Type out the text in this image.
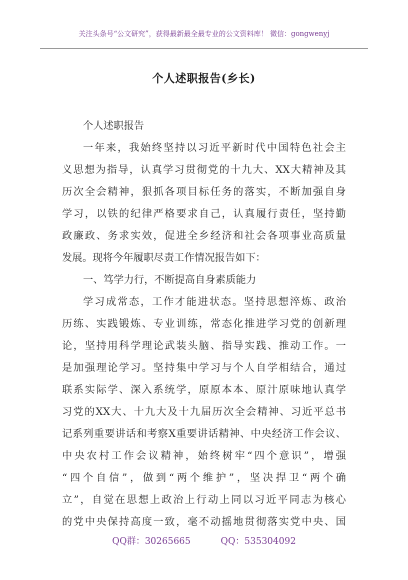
关注头条号“公文研究”，获得最新最全最专业的公文资料库！ 微信：gongwenyj
个人述职报告(乡长)
个人述职报告
一年来，我始终坚持以习近平新时代中国特色社会主
义思想为指导，认真学习贯彻党的十九大、XX大精神及其
历次全会精神，狠抓各项目标任务的落实，不断加强自身
学习，以铁的纪律严格要求自己，认真履行责任，坚持勤
政廉政、务求实效，促进全乡经济和社会各项事业高质量
发展。现将今年履职尽责工作情况报告如下：
一、笃学力行，不断提高自身素质能力
学习成常态，工作才能进状态。坚持思想淬炼、政治
历练、实践锻炼、专业训练，常态化推进学习党的创新理
论，坚持用科学理论武装头脑、指导实践、推动工作。一
是加强理论学习。坚持集中学习与个人自学相结合，通过
联系实际学、深入系统学，原原本本、原汁原味地认真学
习党的XX大、十九大及十九届历次全会精神、习近平总书
记系列重要讲话和考察X重要讲话精神、中央经济工作会议、
中央农村工作会议精神，始终树牢“四个意识”，增强
“四个自信”，做到“两个维护”，坚决捍卫“两个确
立”，自觉在思想上政治上行动上同以习近平同志为核心
的党中央保持高度一致，毫不动摇地贯彻落实党中央、国
QQ群：30265665	QQ：535304092
